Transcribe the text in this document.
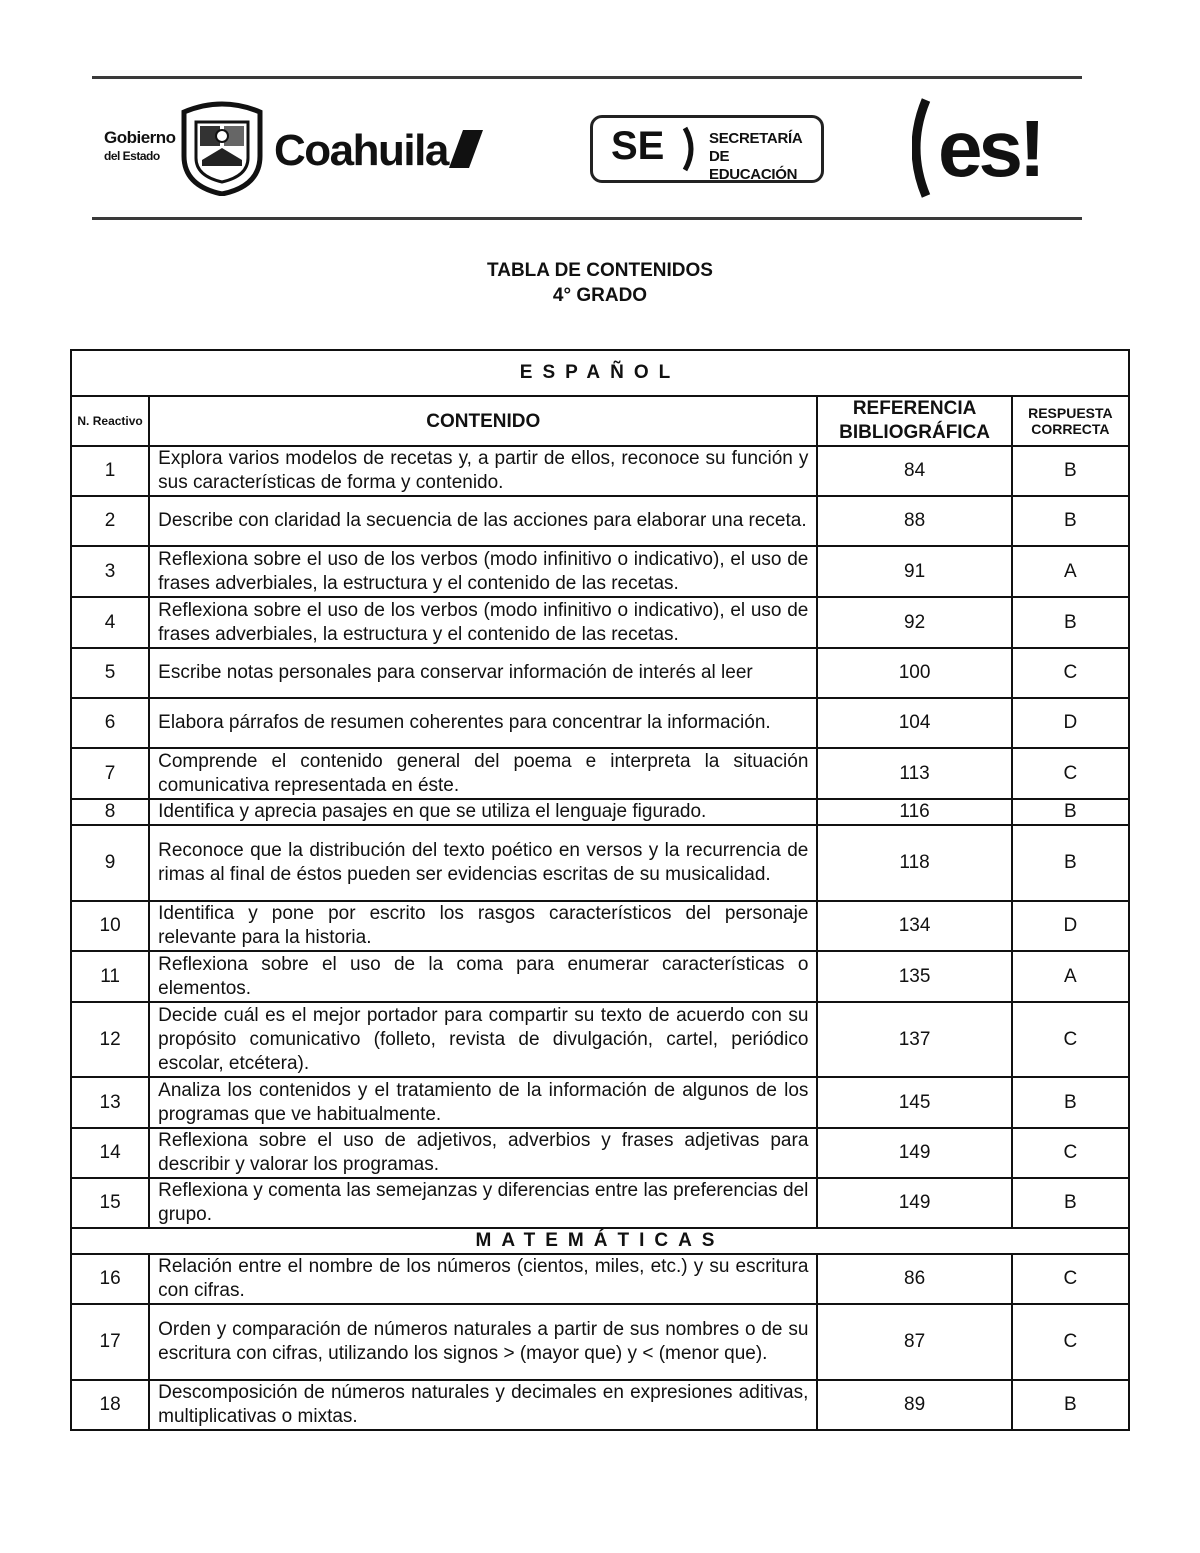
Gobierno
del Estado	Coahuila	SE	SECRETARÍA
DE EDUCACIÓN es!
TABLA DE CONTENIDOS
4° GRADO
ESPAÑOL			
N. Reactivo	CONTENIDO	REFERENCIA BIBLIOGRÁFICA	RESPUESTA CORRECTA
1	Explora varios modelos de recetas y, a partir de ellos, reconoce su función y sus características de forma y contenido.	84	B
2	Describe con claridad la secuencia de las acciones para elaborar una receta.	88	B
3	Reflexiona sobre el uso de los verbos (modo infinitivo o indicativo), el uso de frases adverbiales, la estructura y el contenido de las recetas.	91	A
4	Reflexiona sobre el uso de los verbos (modo infinitivo o indicativo), el uso de frases adverbiales, la estructura y el contenido de las recetas.	92	B
5	Escribe notas personales para conservar información de interés al leer	100	C
6	Elabora párrafos de resumen coherentes para concentrar la información.	104	D
7	Comprende el contenido general del poema e interpreta la situación comunicativa representada en éste.	113	C
8	Identifica y aprecia pasajes en que se utiliza el lenguaje figurado.	116	B
9	Reconoce que la distribución del texto poético en versos y la recurrencia de rimas al final de éstos pueden ser evidencias escritas de su musicalidad.	118	B
10	Identifica y pone por escrito los rasgos característicos del personaje relevante para la historia.	134	D
11	Reflexiona sobre el uso de la coma para enumerar características o elementos.	135	A
12	Decide cuál es el mejor portador para compartir su texto de acuerdo con su propósito comunicativo (folleto, revista de divulgación, cartel, periódico escolar, etcétera).	137	C
13	Analiza los contenidos y el tratamiento de la información de algunos de los programas que ve habitualmente.	145	B
14	Reflexiona sobre el uso de adjetivos, adverbios y frases adjetivas para describir y valorar los programas.	149	C
15	Reflexiona y comenta las semejanzas y diferencias entre las preferencias del grupo.	149	B
MATEMÁTICAS			
16	Relación entre el nombre de los números (cientos, miles, etc.) y su escritura con cifras.	86	C
17	Orden y comparación de números naturales a partir de sus nombres o de su escritura con cifras, utilizando los signos > (mayor que) y < (menor que).	87	C
18	Descomposición de números naturales y decimales en expresiones aditivas, multiplicativas o mixtas.	89	B
